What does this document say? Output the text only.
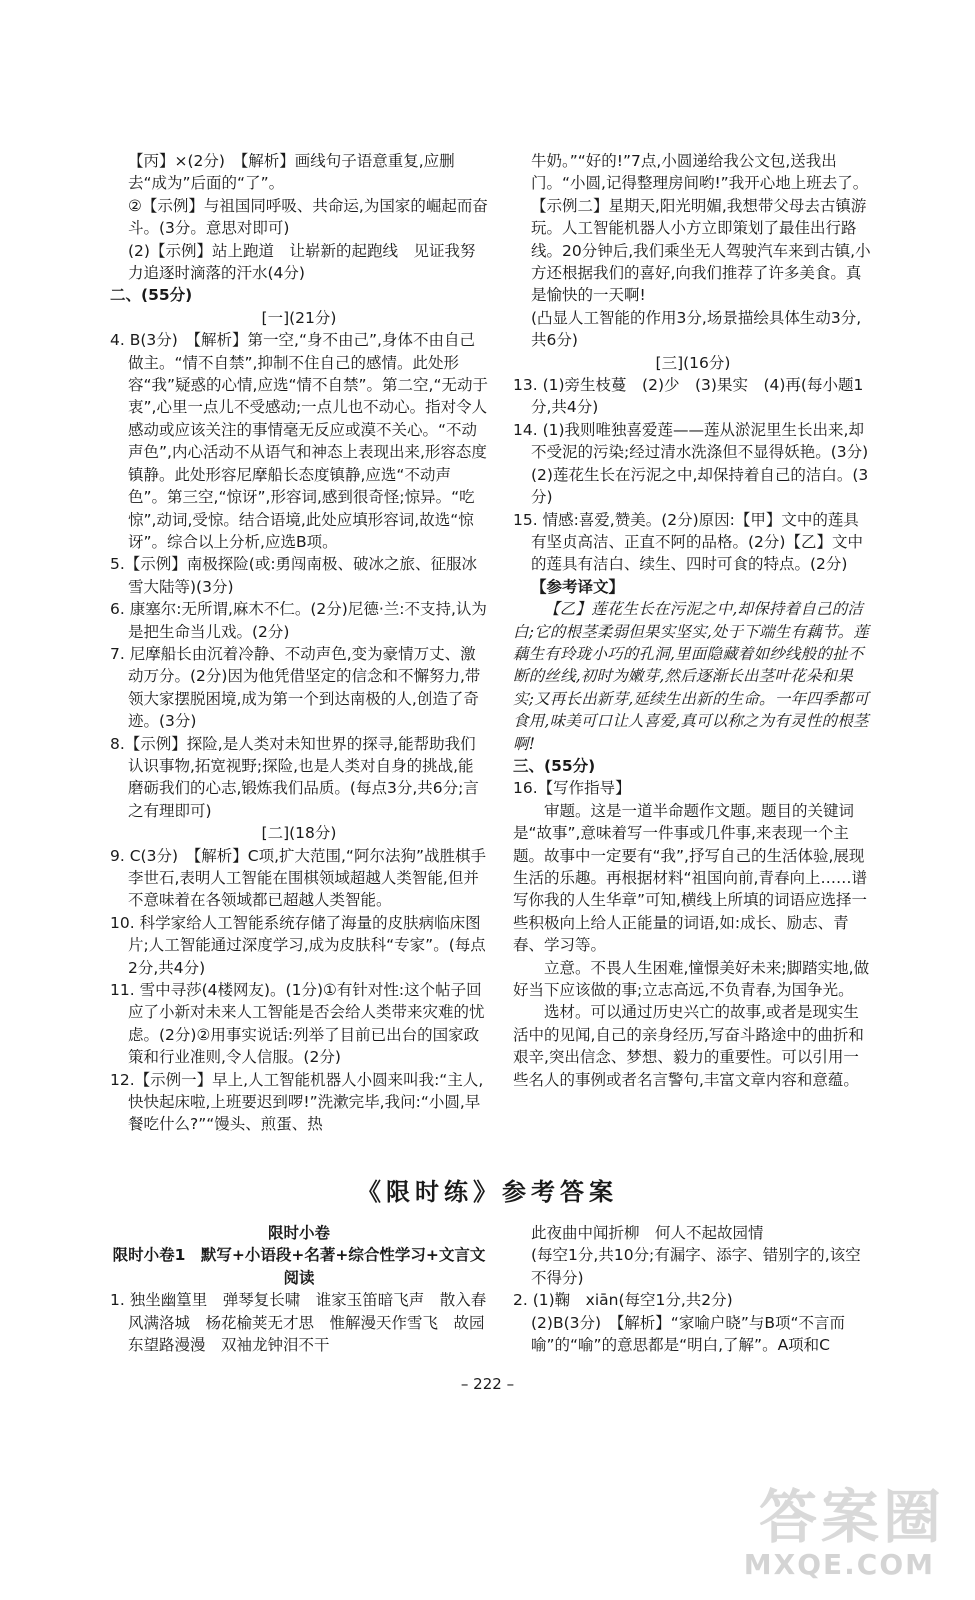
【丙】×(2分)　【解析】画线句子语意重复,应删去“成为”后面的“了”。

②【示例】与祖国同呼吸、共命运,为国家的崛起而奋斗。(3分。意思对即可)

(2)【示例】站上跑道　让崭新的起跑线　见证我努力追逐时滴落的汗水(4分)

二、(55分)

[一](21分)

4. B(3分)　【解析】第一空,“身不由己”,身体不由自己做主。“情不自禁”,抑制不住自己的感情。此处形容“我”疑惑的心情,应选“情不自禁”。第二空,“无动于衷”,心里一点儿不受感动;一点儿也不动心。指对令人感动或应该关注的事情毫无反应或漠不关心。“不动声色”,内心活动不从语气和神态上表现出来,形容态度镇静。此处形容尼摩船长态度镇静,应选“不动声色”。第三空,“惊讶”,形容词,感到很奇怪;惊异。“吃惊”,动词,受惊。结合语境,此处应填形容词,故选“惊讶”。综合以上分析,应选B项。

5.【示例】南极探险(或:勇闯南极、破冰之旅、征服冰雪大陆等)(3分)

6. 康塞尔:无所谓,麻木不仁。(2分)尼德·兰:不支持,认为是把生命当儿戏。(2分)

7. 尼摩船长由沉着冷静、不动声色,变为豪情万丈、激动万分。(2分)因为他凭借坚定的信念和不懈努力,带领大家摆脱困境,成为第一个到达南极的人,创造了奇迹。(3分)

8.【示例】探险,是人类对未知世界的探寻,能帮助我们认识事物,拓宽视野;探险,也是人类对自身的挑战,能磨砺我们的心志,锻炼我们品质。(每点3分,共6分;言之有理即可)

[二](18分)

9. C(3分)　【解析】C项,扩大范围,“阿尔法狗”战胜棋手李世石,表明人工智能在围棋领域超越人类智能,但并不意味着在各领域都已超越人类智能。

10. 科学家给人工智能系统存储了海量的皮肤病临床图片;人工智能通过深度学习,成为皮肤科“专家”。(每点2分,共4分)

11. 雪中寻莎(4楼网友)。(1分)①有针对性:这个帖子回应了小新对未来人工智能是否会给人类带来灾难的忧虑。(2分)②用事实说话:列举了目前已出台的国家政策和行业准则,令人信服。(2分)

12.【示例一】早上,人工智能机器人小圆来叫我:“主人,快快起床啦,上班要迟到啰!”洗漱完毕,我问:“小圆,早餐吃什么?”“馒头、煎蛋、热

牛奶。”“好的!”7点,小圆递给我公文包,送我出门。“小圆,记得整理房间哟!”我开心地上班去了。

【示例二】星期天,阳光明媚,我想带父母去古镇游玩。人工智能机器人小方立即策划了最佳出行路线。20分钟后,我们乘坐无人驾驶汽车来到古镇,小方还根据我们的喜好,向我们推荐了许多美食。真是愉快的一天啊!

(凸显人工智能的作用3分,场景描绘具体生动3分,共6分)

[三](16分)

13. (1)旁生枝蔓　(2)少　(3)果实　(4)再(每小题1分,共4分)

14. (1)我则唯独喜爱莲——莲从淤泥里生长出来,却不受泥的污染;经过清水洗涤但不显得妖艳。(3分)

(2)莲花生长在污泥之中,却保持着自己的洁白。(3分)

15. 情感:喜爱,赞美。(2分)原因:【甲】文中的莲具有坚贞高洁、正直不阿的品格。(2分)【乙】文中的莲具有洁白、续生、四时可食的特点。(2分)

【参考译文】

【乙】莲花生长在污泥之中,却保持着自己的洁白;它的根茎柔弱但果实坚实,处于下端生有藕节。莲藕生有玲珑小巧的孔洞,里面隐藏着如纱线般的扯不断的丝线,初时为嫩芽,然后逐渐长出茎叶花朵和果实;又再长出新芽,延续生出新的生命。一年四季都可食用,味美可口让人喜爱,真可以称之为有灵性的根茎啊!

三、(55分)

16.【写作指导】

审题。这是一道半命题作文题。题目的关键词是“故事”,意味着写一件事或几件事,来表现一个主题。故事中一定要有“我”,抒写自己的生活体验,展现生活的乐趣。再根据材料“祖国向前,青春向上……谱写你我的人生华章”可知,横线上所填的词语应选择一些积极向上给人正能量的词语,如:成长、励志、青春、学习等。

立意。不畏人生困难,憧憬美好未来;脚踏实地,做好当下应该做的事;立志高远,不负青春,为国争光。

选材。可以通过历史兴亡的故事,或者是现实生活中的见闻,自己的亲身经历,写奋斗路途中的曲折和艰辛,突出信念、梦想、毅力的重要性。可以引用一些名人的事例或者名言警句,丰富文章内容和意蕴。

《限时练》参考答案

限时小卷

限时小卷1　默写+小语段+名著+综合性学习+文言文阅读

1. 独坐幽篁里　弹琴复长啸　谁家玉笛暗飞声　散入春风满洛城　杨花榆荚无才思　惟解漫天作雪飞　故园东望路漫漫　双袖龙钟泪不干

此夜曲中闻折柳　何人不起故园情

(每空1分,共10分;有漏字、添字、错别字的,该空不得分)

2. (1)鞠　xiān(每空1分,共2分)

(2)B(3分)　【解析】“家喻户晓”与B项“不言而喻”的“喻”的意思都是“明白,了解”。A项和C

– 222 –
答案圈
MXQE.COM
